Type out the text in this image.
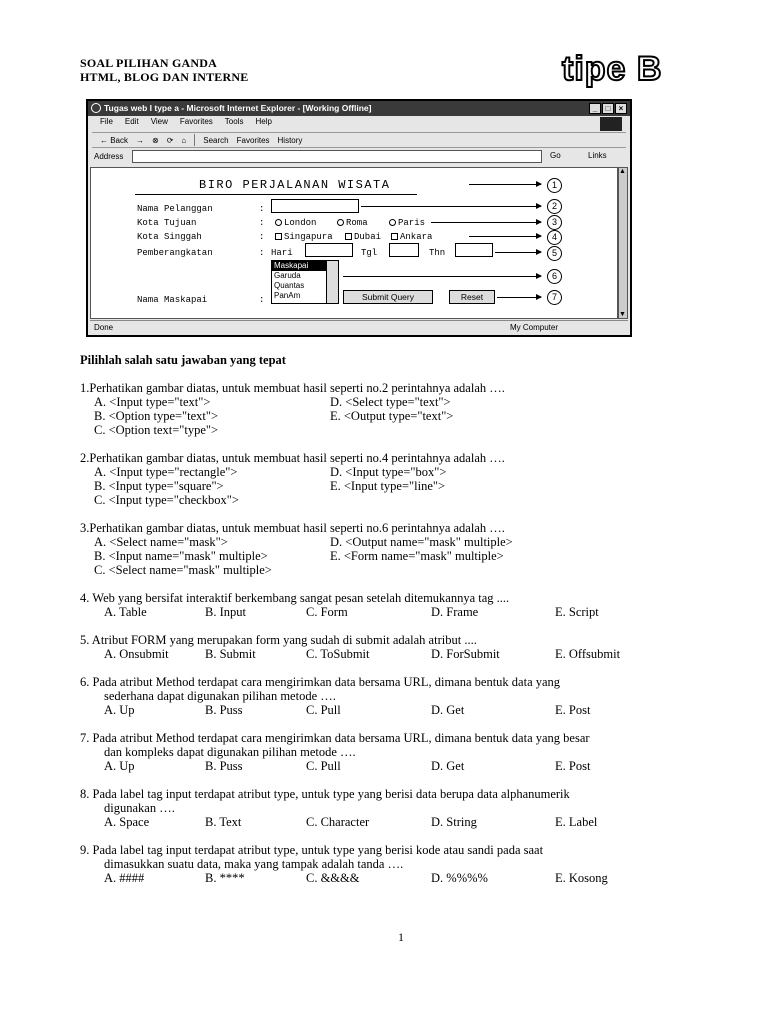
SOAL PILIHAN GANDA
HTML, BLOG DAN INTERNE	tipe B
Tugas web I type a - Microsoft Internet Explorer - [Working Offline]	_	□	×
File Edit View Favorites Tools Help
← Back → ⊗ ⟳ ⌂ Search Favorites History
Address	Go	Links
BIRO PERJALANAN WISATA
Nama Pelanggan	:
Kota Tujuan	:	London	Roma	Paris
Kota Singgah	:	Singapura	Dubai	Ankara
Pemberangkatan	: Hari	Tgl	Thn
Maskapai
Garuda
Quantas
PanAm
Nama Maskapai	:	Submit Query	Reset
1
2
3
4
5
6
7
▲ ▼
Done	My Computer
Pilihlah salah satu jawaban yang tepat
1.Perhatikan gambar diatas, untuk membuat hasil seperti no.2 perintahnya adalah ….
A. <Input type="text">	D. <Select type="text">
B. <Option type="text">	E. <Output type="text">
C. <Option text="type">
2.Perhatikan gambar diatas, untuk membuat hasil seperti no.4 perintahnya adalah ….
A. <Input type="rectangle">	D. <Input type="box">
B. <Input type="square">	E. <Input type="line">
C. <Input type="checkbox">
3.Perhatikan gambar diatas, untuk membuat hasil seperti no.6 perintahnya adalah ….
A. <Select name="mask">	D. <Output name="mask" multiple>
B. <Input name="mask" multiple>	E. <Form name="mask" multiple>
C. <Select name="mask" multiple>
4. Web yang bersifat interaktif berkembang sangat pesan setelah ditemukannya tag ....
A. Table	B. Input	C. Form	D. Frame	E. Script
5. Atribut FORM yang merupakan form yang sudah di submit adalah atribut ....
A. Onsubmit	B. Submit	C. ToSubmit	D. ForSubmit	E. Offsubmit
6. Pada atribut Method terdapat cara mengirimkan data bersama URL, dimana bentuk data yang
sederhana dapat digunakan pilihan metode ….
A. Up	B. Puss	C. Pull	D. Get	E. Post
7. Pada atribut Method terdapat cara mengirimkan data bersama URL, dimana bentuk data yang besar
dan kompleks dapat digunakan pilihan metode ….
A. Up	B. Puss	C. Pull	D. Get	E. Post
8. Pada label tag input terdapat atribut type, untuk type yang berisi data berupa data alphanumerik
digunakan ….
A. Space	B. Text	C. Character	D. String	E. Label
9. Pada label tag input terdapat atribut type, untuk type yang berisi kode atau sandi pada saat
dimasukkan suatu data, maka yang tampak adalah tanda ….
A. ####	B. ****	C. &&&&	D. %%%%	E. Kosong
1
